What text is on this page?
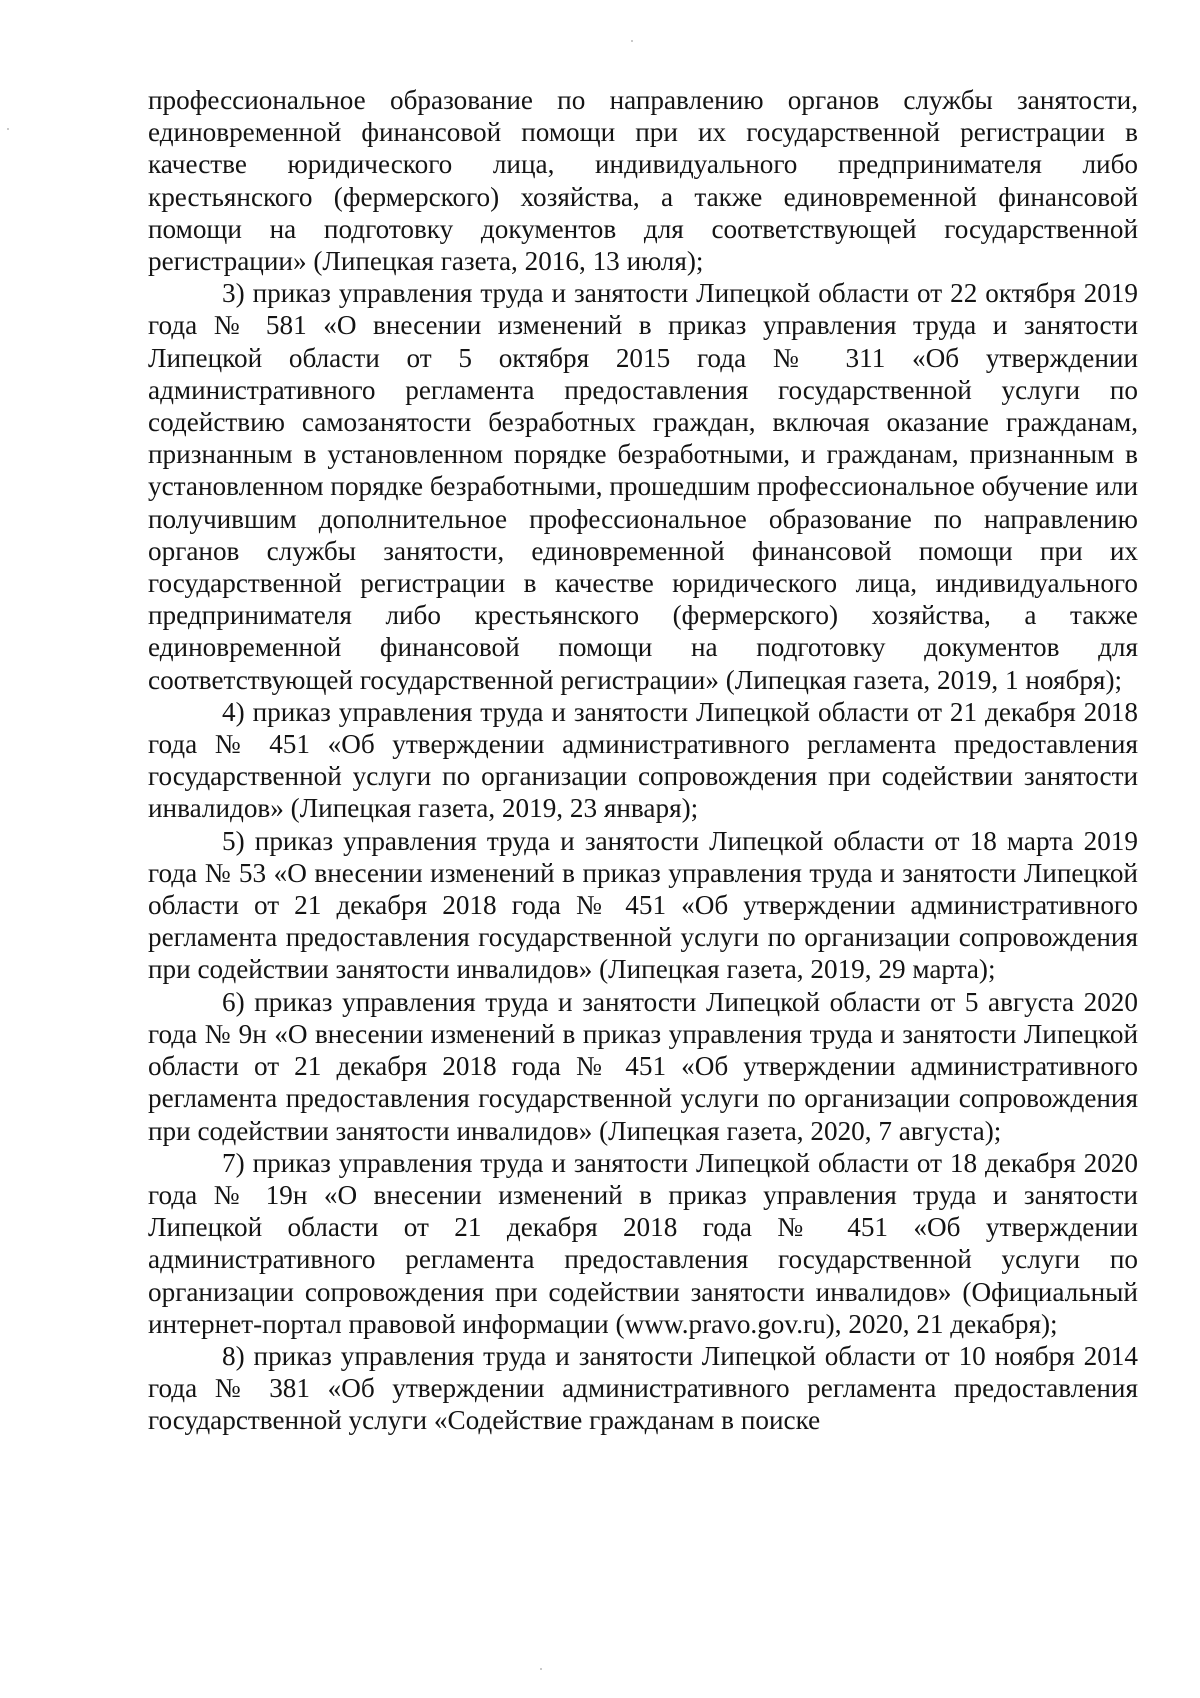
профессиональное образование по направлению органов службы занятости, единовременной финансовой помощи при их государственной регистрации в качестве юридического лица, индивидуального предпринимателя либо крестьянского (фермерского) хозяйства, а также единовременной финансовой помощи на подготовку документов для соответствующей государственной регистрации» (Липецкая газета, 2016, 13 июля);

3) приказ управления труда и занятости Липецкой области от 22 октября 2019 года № 581 «О внесении изменений в приказ управления труда и занятости Липецкой области от 5 октября 2015 года № 311 «Об утверждении административного регламента предоставления государственной услуги по содействию самозанятости безработных граждан, включая оказание гражданам, признанным в установленном порядке безработными, и гражданам, признанным в установленном порядке безработными, прошедшим профессиональное обучение или получившим дополнительное профессиональное образование по направлению органов службы занятости, единовременной финансовой помощи при их государственной регистрации в качестве юридического лица, индивидуального предпринимателя либо крестьянского (фермерского) хозяйства, а также единовременной финансовой помощи на подготовку документов для соответствующей государственной регистрации» (Липецкая газета, 2019, 1 ноября);

4) приказ управления труда и занятости Липецкой области от 21 декабря 2018 года № 451 «Об утверждении административного регламента предоставления государственной услуги по организации сопровождения при содействии занятости инвалидов» (Липецкая газета, 2019, 23 января);

5) приказ управления труда и занятости Липецкой области от 18 марта 2019 года № 53 «О внесении изменений в приказ управления труда и занятости Липецкой области от 21 декабря 2018 года № 451 «Об утверждении административного регламента предоставления государственной услуги по организации сопровождения при содействии занятости инвалидов» (Липецкая газета, 2019, 29 марта);

6) приказ управления труда и занятости Липецкой области от 5 августа 2020 года № 9н «О внесении изменений в приказ управления труда и занятости Липецкой области от 21 декабря 2018 года № 451 «Об утверждении административного регламента предоставления государственной услуги по организации сопровождения при содействии занятости инвалидов» (Липецкая газета, 2020, 7 августа);

7) приказ управления труда и занятости Липецкой области от 18 декабря 2020 года № 19н «О внесении изменений в приказ управления труда и занятости Липецкой области от 21 декабря 2018 года № 451 «Об утверждении административного регламента предоставления государственной услуги по организации сопровождения при содействии занятости инвалидов» (Официальный интернет-портал правовой информации (www.pravo.gov.ru), 2020, 21 декабря);

8) приказ управления труда и занятости Липецкой области от 10 ноября 2014 года № 381 «Об утверждении административного регламента предоставления государственной услуги «Содействие гражданам в поиске
